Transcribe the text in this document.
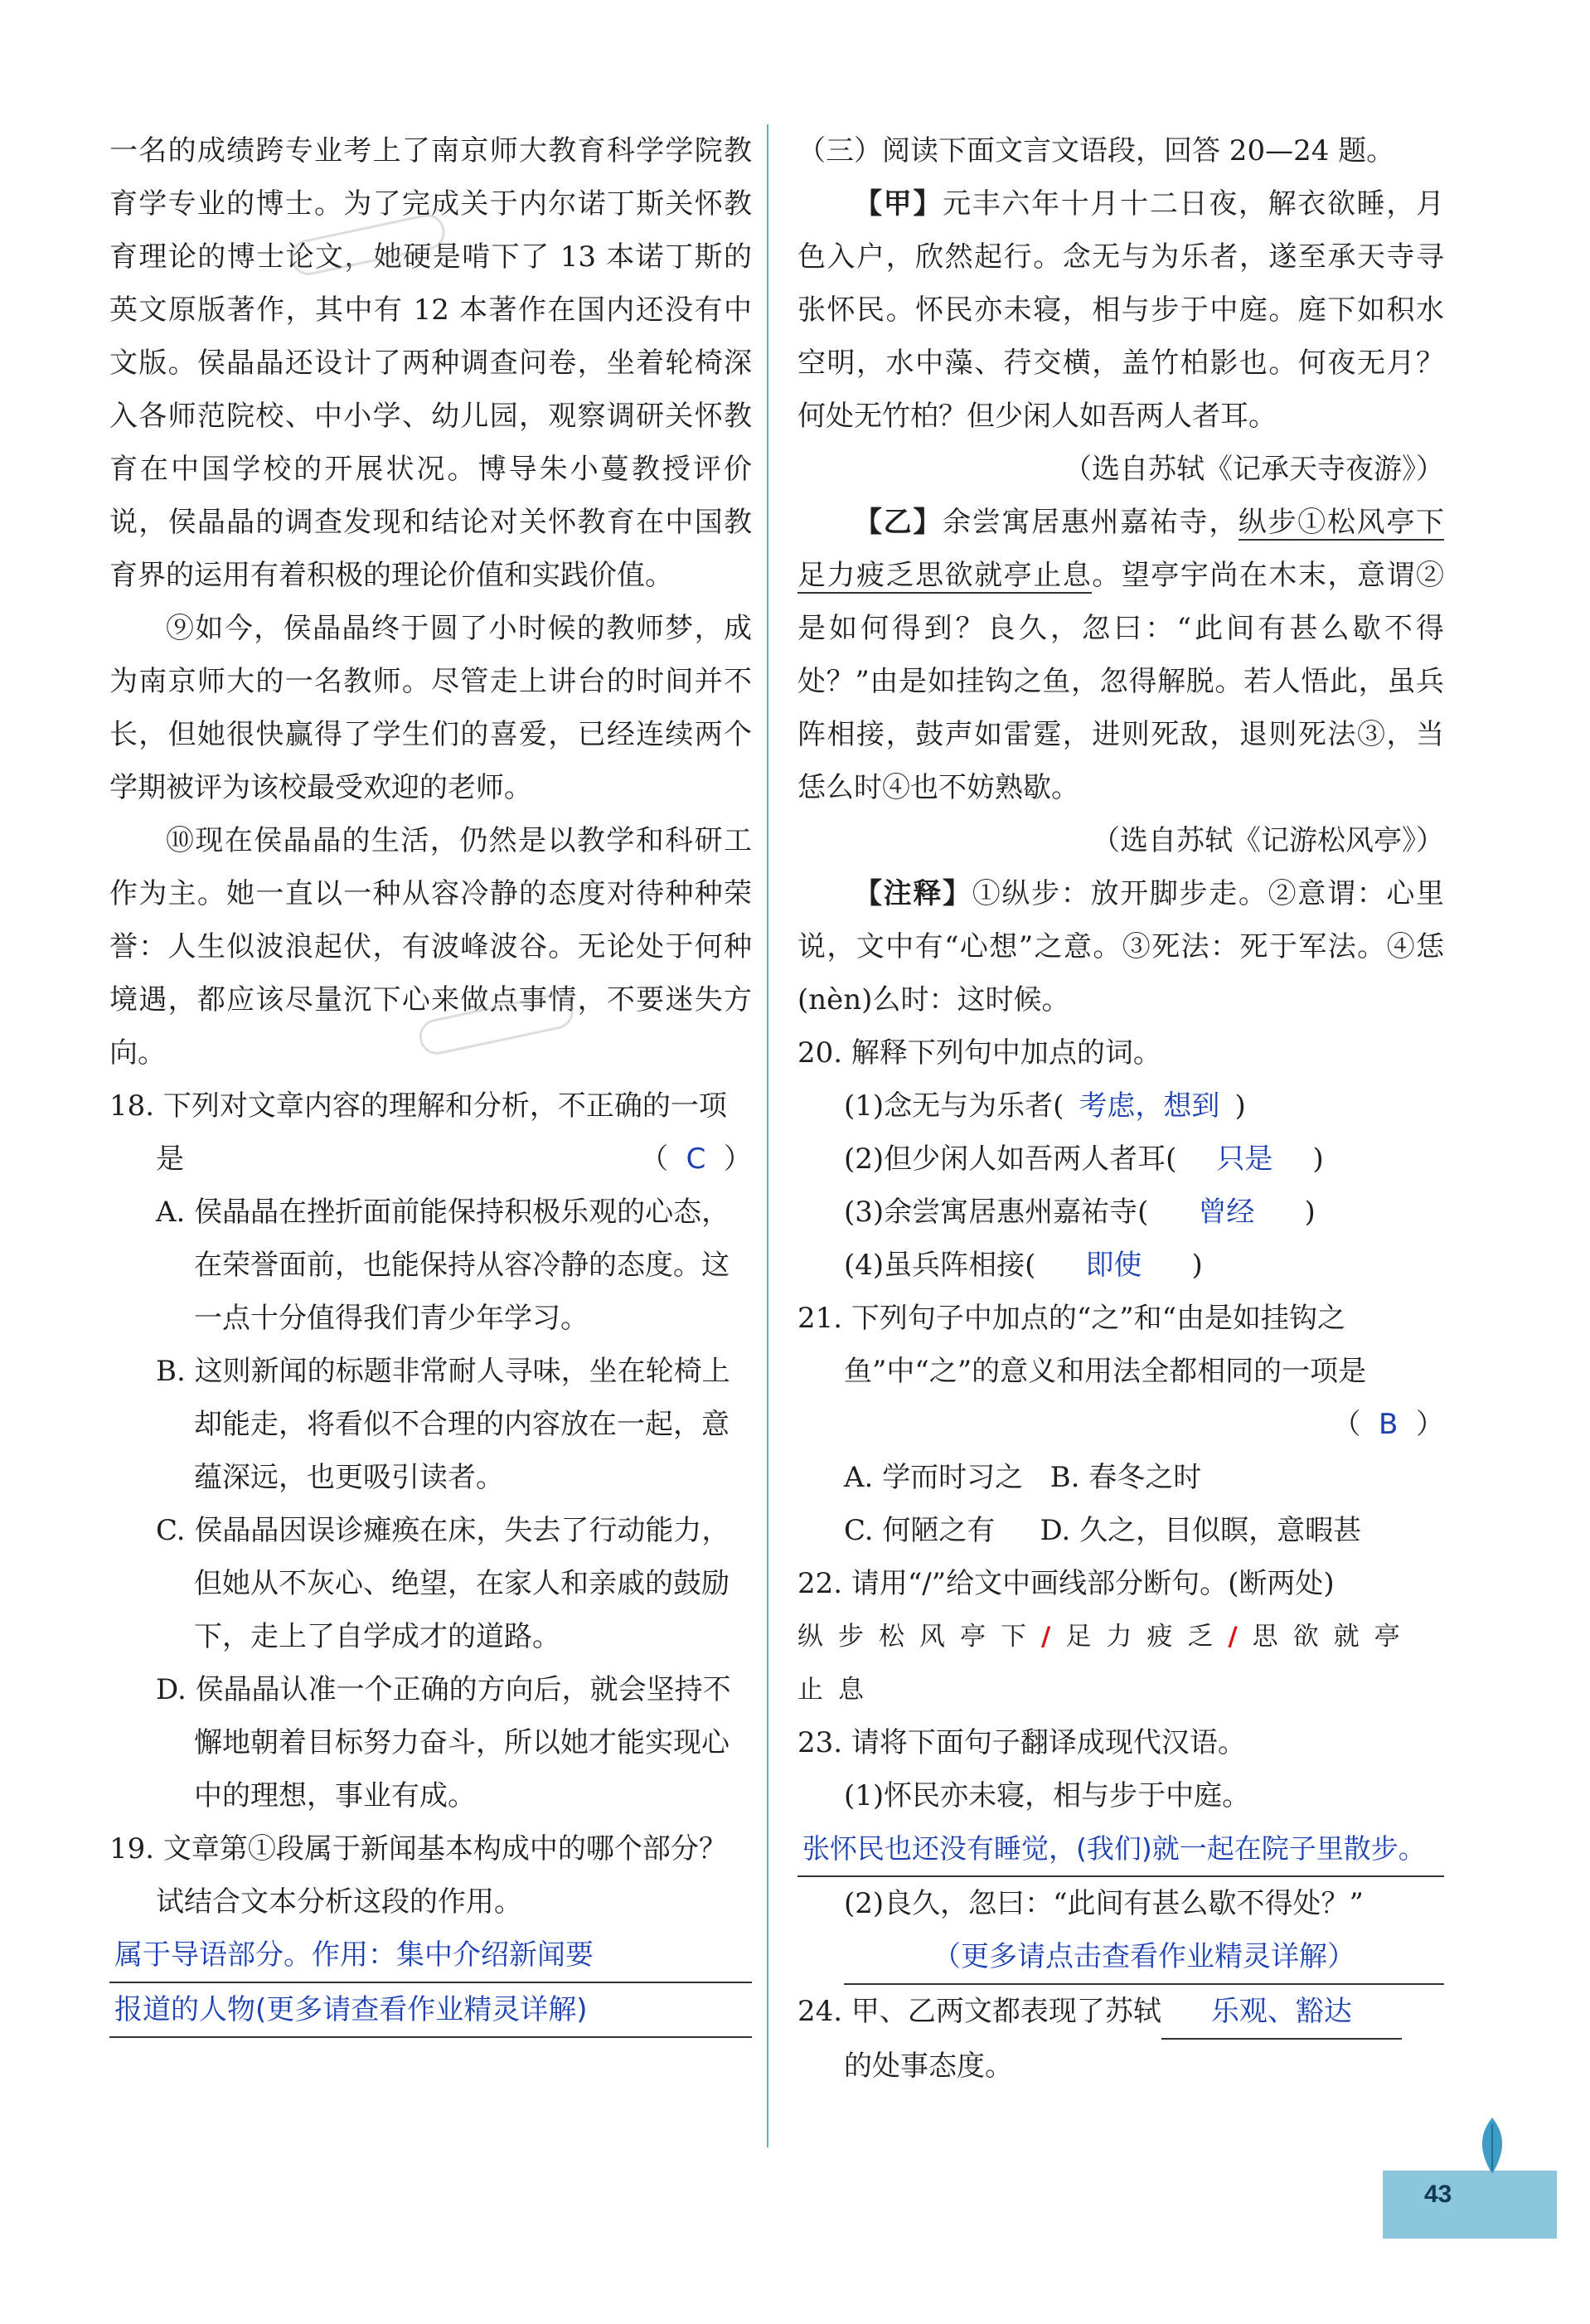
一名的成绩跨专业考上了南京师大教育科学学院教育学专业的博士。为了完成关于内尔诺丁斯关怀教育理论的博士论文，她硬是啃下了 13 本诺丁斯的英文原版著作，其中有 12 本著作在国内还没有中文版。侯晶晶还设计了两种调查问卷，坐着轮椅深入各师范院校、中小学、幼儿园，观察调研关怀教育在中国学校的开展状况。博导朱小蔓教授评价说，侯晶晶的调查发现和结论对关怀教育在中国教育界的运用有着积极的理论价值和实践价值。

⑨如今，侯晶晶终于圆了小时候的教师梦，成为南京师大的一名教师。尽管走上讲台的时间并不长，但她很快赢得了学生们的喜爱，已经连续两个学期被评为该校最受欢迎的老师。

⑩现在侯晶晶的生活，仍然是以教学和科研工作为主。她一直以一种从容冷静的态度对待种种荣誉：人生似波浪起伏，有波峰波谷。无论处于何种境遇，都应该尽量沉下心来做点事情，不要迷失方向。

18. 下列对文章内容的理解和分析，不正确的一项是	（ C ）

A. 侯晶晶在挫折面前能保持积极乐观的心态，在荣誉面前，也能保持从容冷静的态度。这一点十分值得我们青少年学习。

B. 这则新闻的标题非常耐人寻味，坐在轮椅上却能走，将看似不合理的内容放在一起，意蕴深远，也更吸引读者。

C. 侯晶晶因误诊瘫痪在床，失去了行动能力，但她从不灰心、绝望，在家人和亲戚的鼓励下，走上了自学成才的道路。

D. 侯晶晶认准一个正确的方向后，就会坚持不懈地朝着目标努力奋斗，所以她才能实现心中的理想，事业有成。

19. 文章第①段属于新闻基本构成中的哪个部分？试结合文本分析这段的作用。

属于导语部分。作用：集中介绍新闻要

报道的人物(更多请查看作业精灵详解)

（三）阅读下面文言文语段，回答 20—24 题。

【甲】元丰六年十月十二日夜，解衣欲睡，月色入户，欣然起行。念无与为乐者，遂至承天寺寻张怀民。怀民亦未寝，相与步于中庭。庭下如积水空明，水中藻、荇交横，盖竹柏影也。何夜无月？何处无竹柏？但少闲人如吾两人者耳。

（选自苏轼《记承天寺夜游》）

【乙】余尝寓居惠州嘉祐寺，纵步①松风亭下足力疲乏思欲就亭止息。望亭宇尚在木末，意谓②是如何得到？良久，忽曰：“此间有甚么歇不得处？”由是如挂钩之鱼，忽得解脱。若人悟此，虽兵阵相接，鼓声如雷霆，进则死敌，退则死法③，当恁么时④也不妨熟歇。

（选自苏轼《记游松风亭》）

【注释】①纵步：放开脚步走。②意谓：心里说，文中有“心想”之意。③死法：死于军法。④恁(nèn)么时：这时候。

20. 解释下列句中加点的词。

(1)念无与为乐者( 考虑，想到 )

(2)但少闲人如吾两人者耳( 只是 )

(3)余尝寓居惠州嘉祐寺( 曾经 )

(4)虽兵阵相接( 即使 )

21. 下列句子中加点的“之”和“由是如挂钩之鱼”中“之”的意义和用法全都相同的一项是

（ B ）

A. 学而时习之 B. 春冬之时

C. 何陋之有 D. 久之，目似瞑，意暇甚

22. 请用“/”给文中画线部分断句。(断两处)

纵步松风亭下/足力疲乏/思欲就亭
止息

23. 请将下面句子翻译成现代汉语。

(1)怀民亦未寝，相与步于中庭。

张怀民也还没有睡觉，(我们)就一起在院子里散步。

(2)良久，忽曰：“此间有甚么歇不得处？”

（更多请点击查看作业精灵详解）

24. 甲、乙两文都表现了苏轼 乐观、豁达
的处事态度。

43
